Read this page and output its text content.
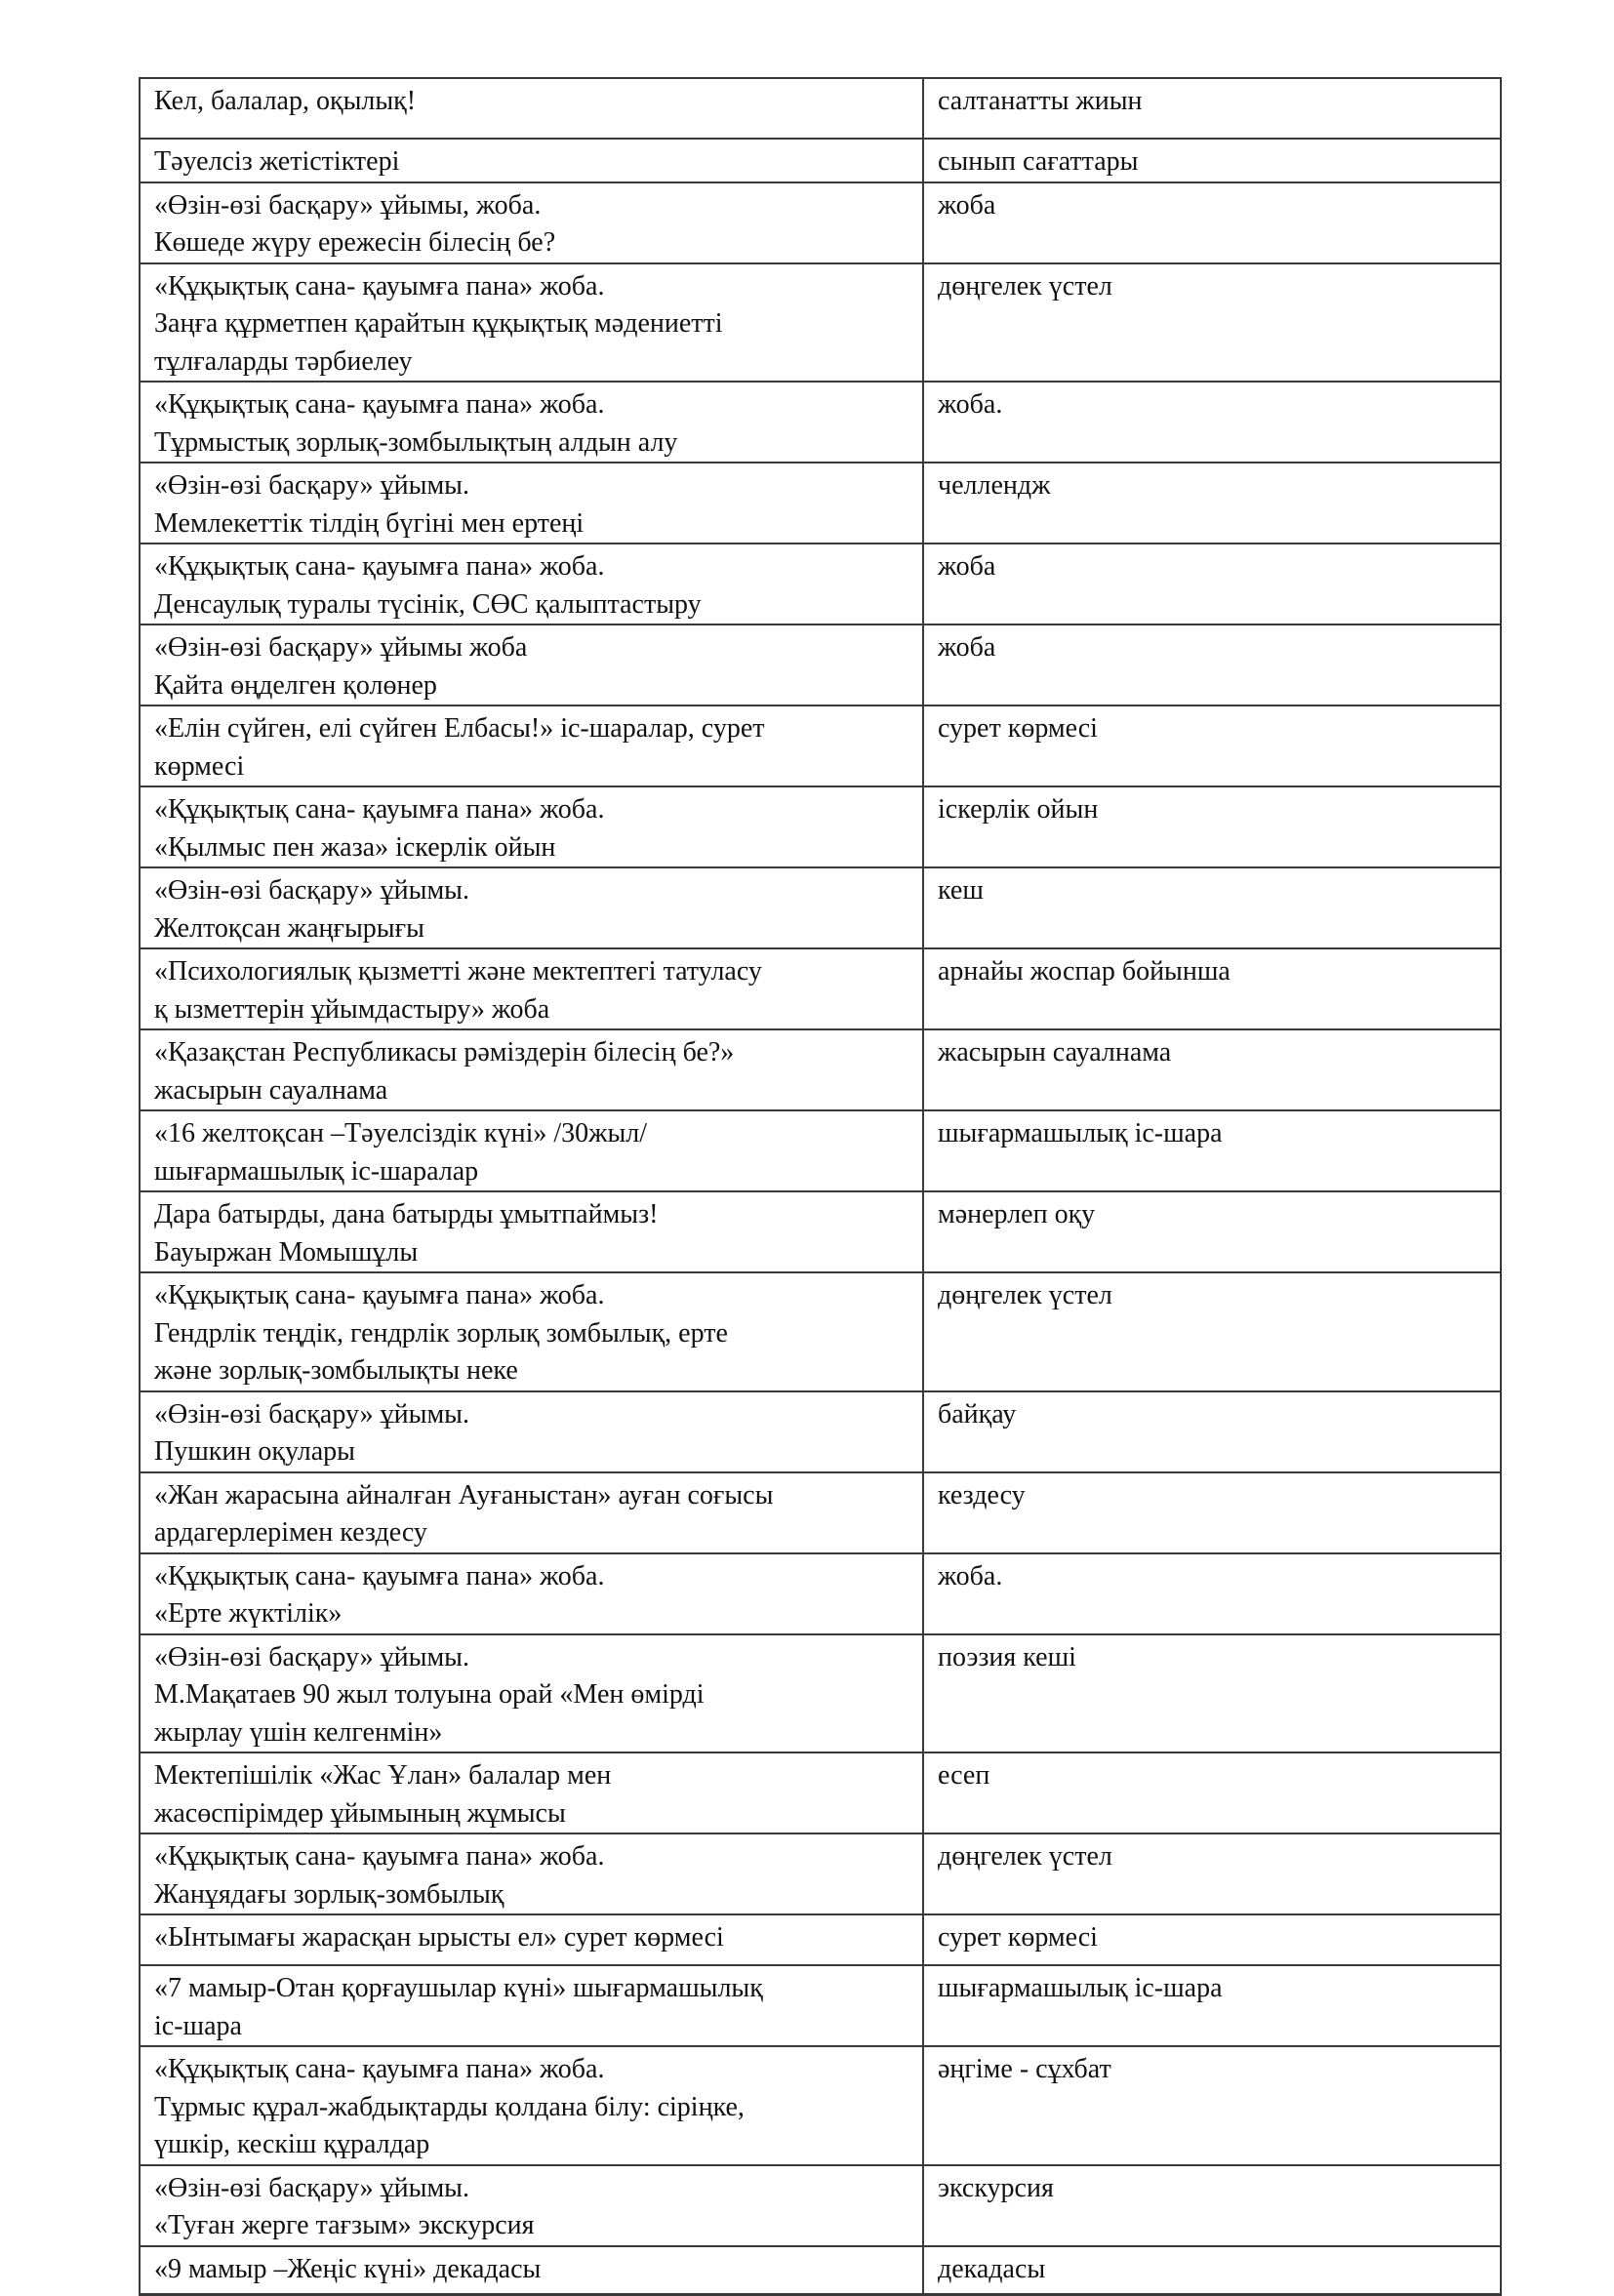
Кел, балалар, оқылық!	салтанатты жиын

Тәуелсіз жетістіктері	сынып сағаттары

«Өзін-өзі басқару» ұйымы, жоба.
Көшеде жүру ережесін білесің бе?	жоба

«Құқықтық сана- қауымға пана» жоба.
Заңға құрметпен қарайтын құқықтық мәдениетті
тұлғаларды тәрбиелеу	дөңгелек үстел

«Құқықтық сана- қауымға пана» жоба.
Тұрмыстық зорлық-зомбылықтың алдын алу	жоба.

«Өзін-өзі басқару» ұйымы.
Мемлекеттік тілдің бүгіні мен ертеңі	челлендж

«Құқықтық сана- қауымға пана» жоба.
Денсаулық туралы түсінік, СӨС қалыптастыру	жоба

«Өзін-өзі басқару» ұйымы жоба
Қайта өңделген қолөнер	жоба

«Елін сүйген, елі сүйген Елбасы!» іс-шаралар, сурет
көрмесі	сурет көрмесі

«Құқықтық сана- қауымға пана» жоба.
«Қылмыс пен жаза» іскерлік ойын	іскерлік ойын

«Өзін-өзі басқару» ұйымы.
Желтоқсан жаңғырығы	кеш

«Психологиялық қызметті және мектептегі татуласу
қ ызметтерін ұйымдастыру» жоба	арнайы жоспар бойынша

«Қазақстан Республикасы рәміздерін білесің бе?»
жасырын сауалнама	жасырын сауалнама

«16 желтоқсан –Тәуелсіздік күні» /30жыл/
шығармашылық іс-шаралар	шығармашылық іс-шара

Дара батырды, дана батырды ұмытпаймыз!
Бауыржан Момышұлы	мәнерлеп оқу

«Құқықтық сана- қауымға пана» жоба.
Гендрлік теңдік, гендрлік зорлық зомбылық, ерте
және зорлық-зомбылықты неке	дөңгелек үстел

«Өзін-өзі басқару» ұйымы.
Пушкин оқулары	байқау

«Жан жарасына айналған Ауғаныстан» ауған соғысы
ардагерлерімен кездесу	кездесу

«Құқықтық сана- қауымға пана» жоба.
«Ерте жүктілік»	жоба.

«Өзін-өзі басқару» ұйымы.
М.Мақатаев 90 жыл толуына орай «Мен өмірді
жырлау үшін келгенмін»	поэзия кеші

Мектепішілік «Жас Ұлан» балалар мен
жасөспірімдер ұйымының жұмысы	есеп

«Құқықтық сана- қауымға пана» жоба.
Жанұядағы зорлық-зомбылық	дөңгелек үстел

«Ынтымағы жарасқан ырысты ел» сурет көрмесі	сурет көрмесі

«7 мамыр-Отан қорғаушылар күні» шығармашылық
іс-шара	шығармашылық іс-шара

«Құқықтық сана- қауымға пана» жоба.
Тұрмыс құрал-жабдықтарды қолдана білу: сіріңке,
үшкір, кескіш құралдар	әңгіме - сұхбат

«Өзін-өзі басқару» ұйымы.
«Туған жерге тағзым» экскурсия	экскурсия

«9 мамыр –Жеңіс күні» декадасы	декадасы
